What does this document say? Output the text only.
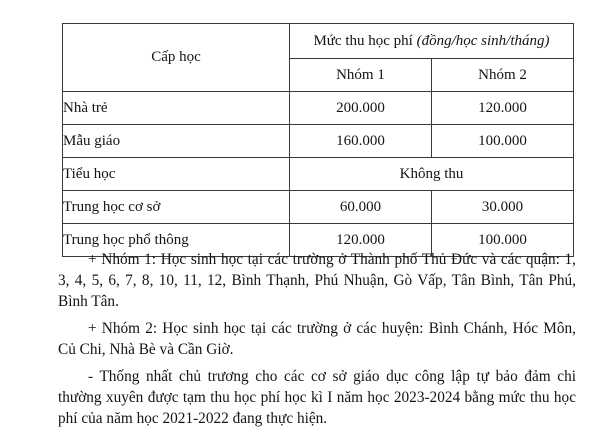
Cấp học	Mức thu học phí (đồng/học sinh/tháng)	
	Nhóm 1	Nhóm 2
Nhà trẻ	200.000	120.000
Mẫu giáo	160.000	100.000
Tiểu học	Không thu	
Trung học cơ sở	60.000	30.000
Trung học phổ thông	120.000	100.000

+ Nhóm 1: Học sinh học tại các trường ở Thành phố Thủ Đức và các quận: 1, 3, 4, 5, 6, 7, 8, 10, 11, 12, Bình Thạnh, Phú Nhuận, Gò Vấp, Tân Bình, Tân Phú, Bình Tân.

+ Nhóm 2: Học sinh học tại các trường ở các huyện: Bình Chánh, Hóc Môn, Củ Chi, Nhà Bè và Cần Giờ.

- Thống nhất chủ trương cho các cơ sở giáo dục công lập tự bảo đảm chi thường xuyên được tạm thu học phí học kì I năm học 2023-2024 bằng mức thu học phí của năm học 2021-2022 đang thực hiện.
